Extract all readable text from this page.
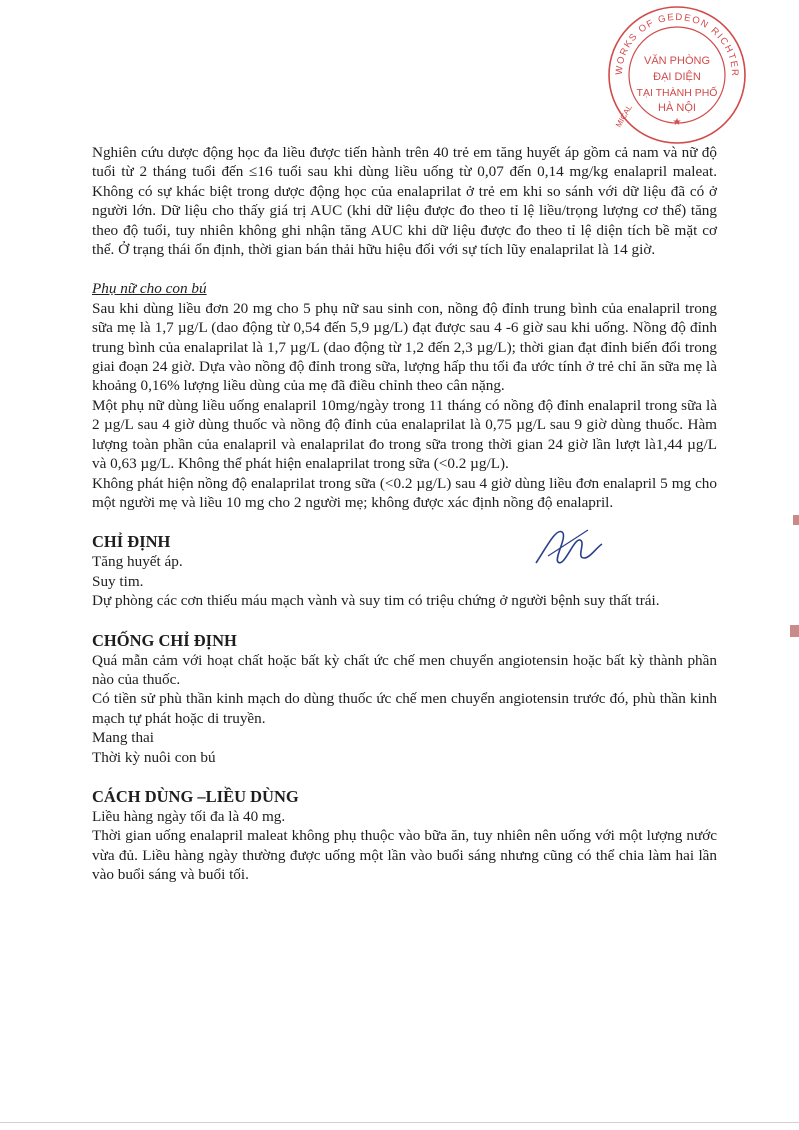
WORKS OF GEDEON RICHTER
VĂN PHÒNG
ĐẠI DIỆN
TẠI THÀNH PHỐ
HÀ NỘI
MICAL	★

Nghiên cứu dược động học đa liều được tiến hành trên 40 trẻ em tăng huyết áp gồm cả nam và nữ độ tuổi từ 2 tháng tuổi đến ≤16 tuổi sau khi dùng liều uống từ 0,07 đến 0,14 mg/kg enalapril maleat. Không có sự khác biệt trong dược động học của enalaprilat ở trẻ em khi so sánh với dữ liệu đã có ở người lớn. Dữ liệu cho thấy giá trị AUC (khi dữ liệu được đo theo tỉ lệ liều/trọng lượng cơ thể) tăng theo độ tuổi, tuy nhiên không ghi nhận tăng AUC khi dữ liệu được đo theo tỉ lệ diện tích bề mặt cơ thể. Ở trạng thái ổn định, thời gian bán thải hữu hiệu đối với sự tích lũy enalaprilat là 14 giờ.

Phụ nữ cho con bú

Sau khi dùng liều đơn 20 mg cho 5 phụ nữ sau sinh con, nồng độ đỉnh trung bình của enalapril trong sữa mẹ là 1,7 µg/L (dao động từ 0,54 đến 5,9 µg/L) đạt được sau 4 -6 giờ sau khi uống. Nồng độ đỉnh trung bình của enalaprilat là 1,7 µg/L (dao động từ 1,2 đến 2,3 µg/L); thời gian đạt đỉnh biến đổi trong giai đoạn 24 giờ. Dựa vào nồng độ đỉnh trong sữa, lượng hấp thu tối đa ước tính ở trẻ chỉ ăn sữa mẹ là khoảng 0,16% lượng liều dùng của mẹ đã điều chỉnh theo cân nặng.

Một phụ nữ dùng liều uống enalapril 10mg/ngày trong 11 tháng có nồng độ đỉnh enalapril trong sữa là 2 µg/L sau 4 giờ dùng thuốc và nồng độ đỉnh của enalaprilat là 0,75 µg/L sau 9 giờ dùng thuốc. Hàm lượng toàn phần của enalapril và enalaprilat đo trong sữa trong thời gian 24 giờ lần lượt là1,44 µg/L và 0,63 µg/L. Không thể phát hiện enalaprilat trong sữa (<0.2 µg/L).

Không phát hiện nồng độ enalaprilat trong sữa (<0.2 µg/L) sau 4 giờ dùng liều đơn enalapril 5 mg cho một người mẹ và liều 10 mg cho 2 người mẹ; không được xác định nồng độ enalapril.

CHỈ ĐỊNH

Tăng huyết áp.

Suy tim.

Dự phòng các cơn thiếu máu mạch vành và suy tim có triệu chứng ở người bệnh suy thất trái.

CHỐNG CHỈ ĐỊNH

Quá mẫn cảm với hoạt chất hoặc bất kỳ chất ức chế men chuyển angiotensin hoặc bất kỳ thành phần nào của thuốc.

Có tiền sử phù thần kinh mạch do dùng thuốc ức chế men chuyển angiotensin trước đó, phù thần kinh mạch tự phát hoặc di truyền.

Mang thai

Thời kỳ nuôi con bú

CÁCH DÙNG –LIỀU DÙNG

Liều hàng ngày tối đa là 40 mg.

Thời gian uống enalapril maleat không phụ thuộc vào bữa ăn, tuy nhiên nên uống với một lượng nước vừa đủ. Liều hàng ngày thường được uống một lần vào buổi sáng nhưng cũng có thể chia làm hai lần vào buổi sáng và buổi tối.
